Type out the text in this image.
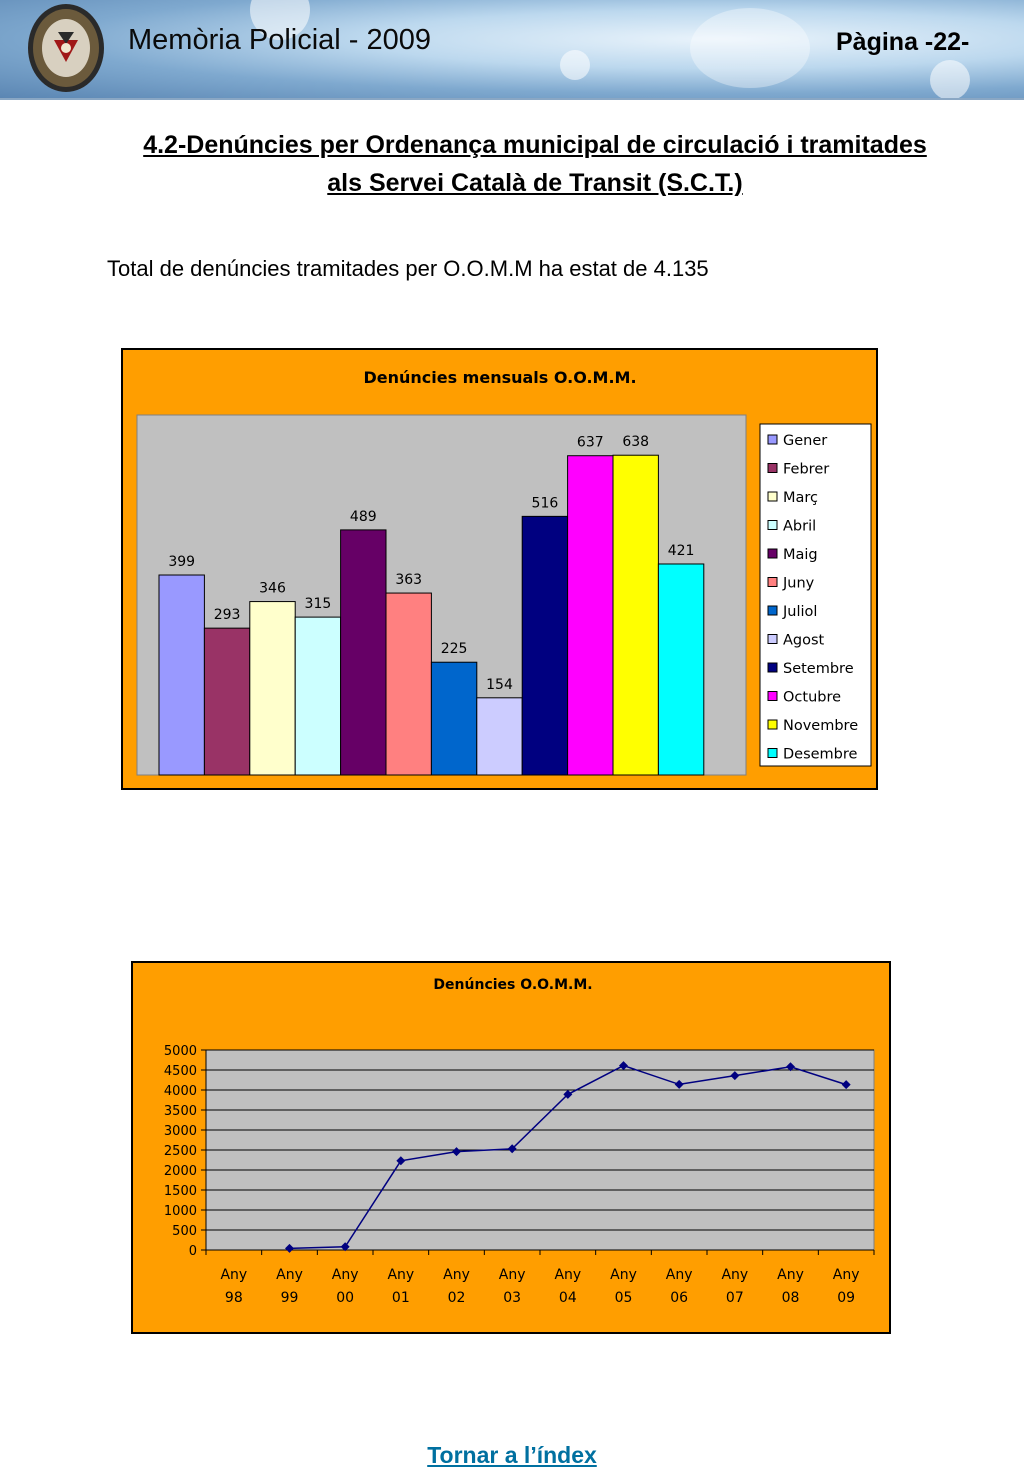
Memòria Policial - 2009	Pàgina -22-
4.2-Denúncies per Ordenança municipal de circulació i tramitades
als Servei Català de Transit (S.C.T.)
Total de denúncies tramitades per O.O.M.M ha estat de 4.135
Denúncies mensuals O.O.M.M.
399
293
346
315
489
363
225
154
516
637 638
421
Gener
Febrer
Març
Abril
Maig
Juny
Juliol
Agost
Setembre
Octubre
Novembre
Desembre
Denúncies O.O.M.M.
0
500
1000
1500
2000
2500
3000
3500
4000
4500
5000
Any
98
Any
99
Any
00
Any
01
Any
02
Any
03
Any
04
Any
05
Any
06
Any
07
Any
08
Any
09
Tornar a l’índex
